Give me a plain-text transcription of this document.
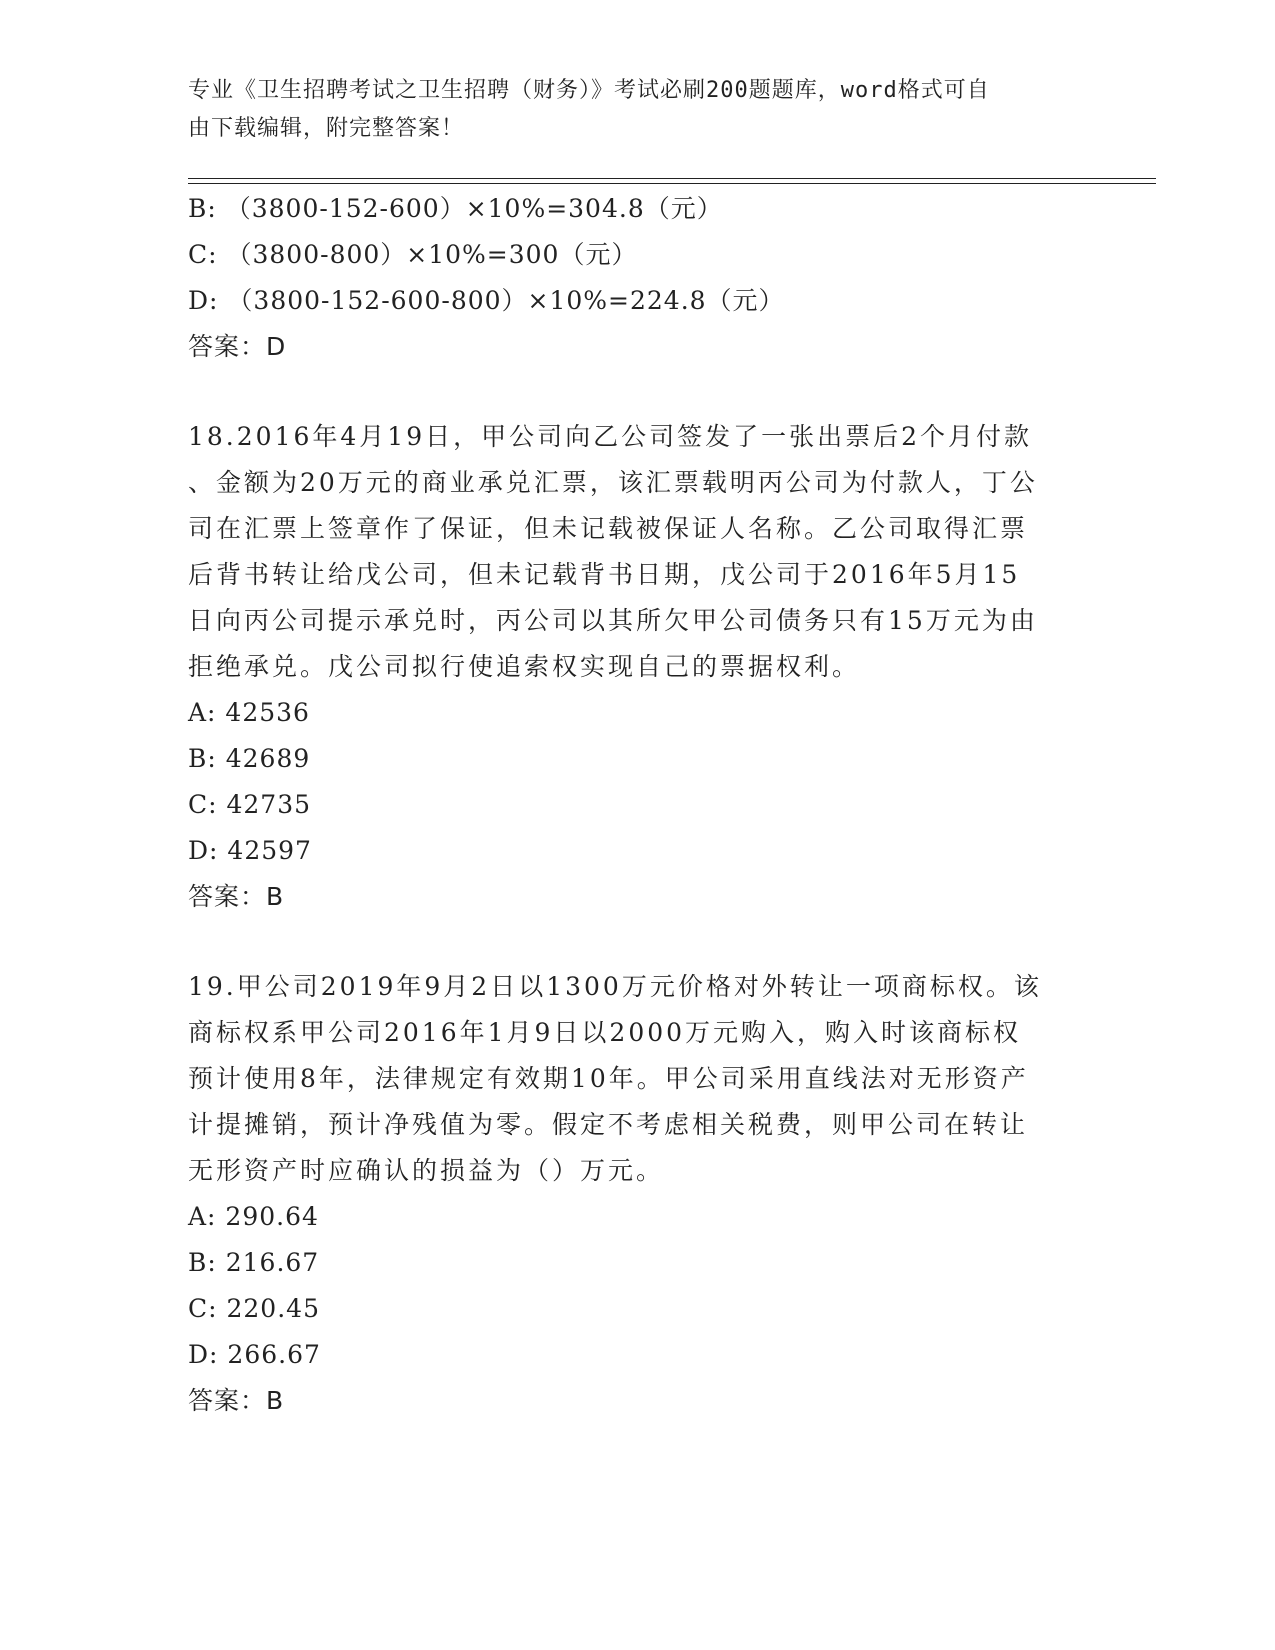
专业《卫生招聘考试之卫生招聘（财务）》考试必刷200题题库，word格式可自
由下载编辑，附完整答案！
B: （3800-152-600）×10%=304.8（元）
C: （3800-800）×10%=300（元）
D: （3800-152-600-800）×10%=224.8（元）
答案：D
18.2016年4月19日，甲公司向乙公司签发了一张出票后2个月付款
、金额为20万元的商业承兑汇票，该汇票载明丙公司为付款人，丁公
司在汇票上签章作了保证，但未记载被保证人名称。乙公司取得汇票
后背书转让给戊公司，但未记载背书日期，戊公司于2016年5月15
日向丙公司提示承兑时，丙公司以其所欠甲公司债务只有15万元为由
拒绝承兑。戊公司拟行使追索权实现自己的票据权利。
A: 42536
B: 42689
C: 42735
D: 42597
答案：B
19.甲公司2019年9月2日以1300万元价格对外转让一项商标权。该
商标权系甲公司2016年1月9日以2000万元购入，购入时该商标权
预计使用8年，法律规定有效期10年。甲公司采用直线法对无形资产
计提摊销，预计净残值为零。假定不考虑相关税费，则甲公司在转让
无形资产时应确认的损益为（）万元。
A: 290.64
B: 216.67
C: 220.45
D: 266.67
答案：B
